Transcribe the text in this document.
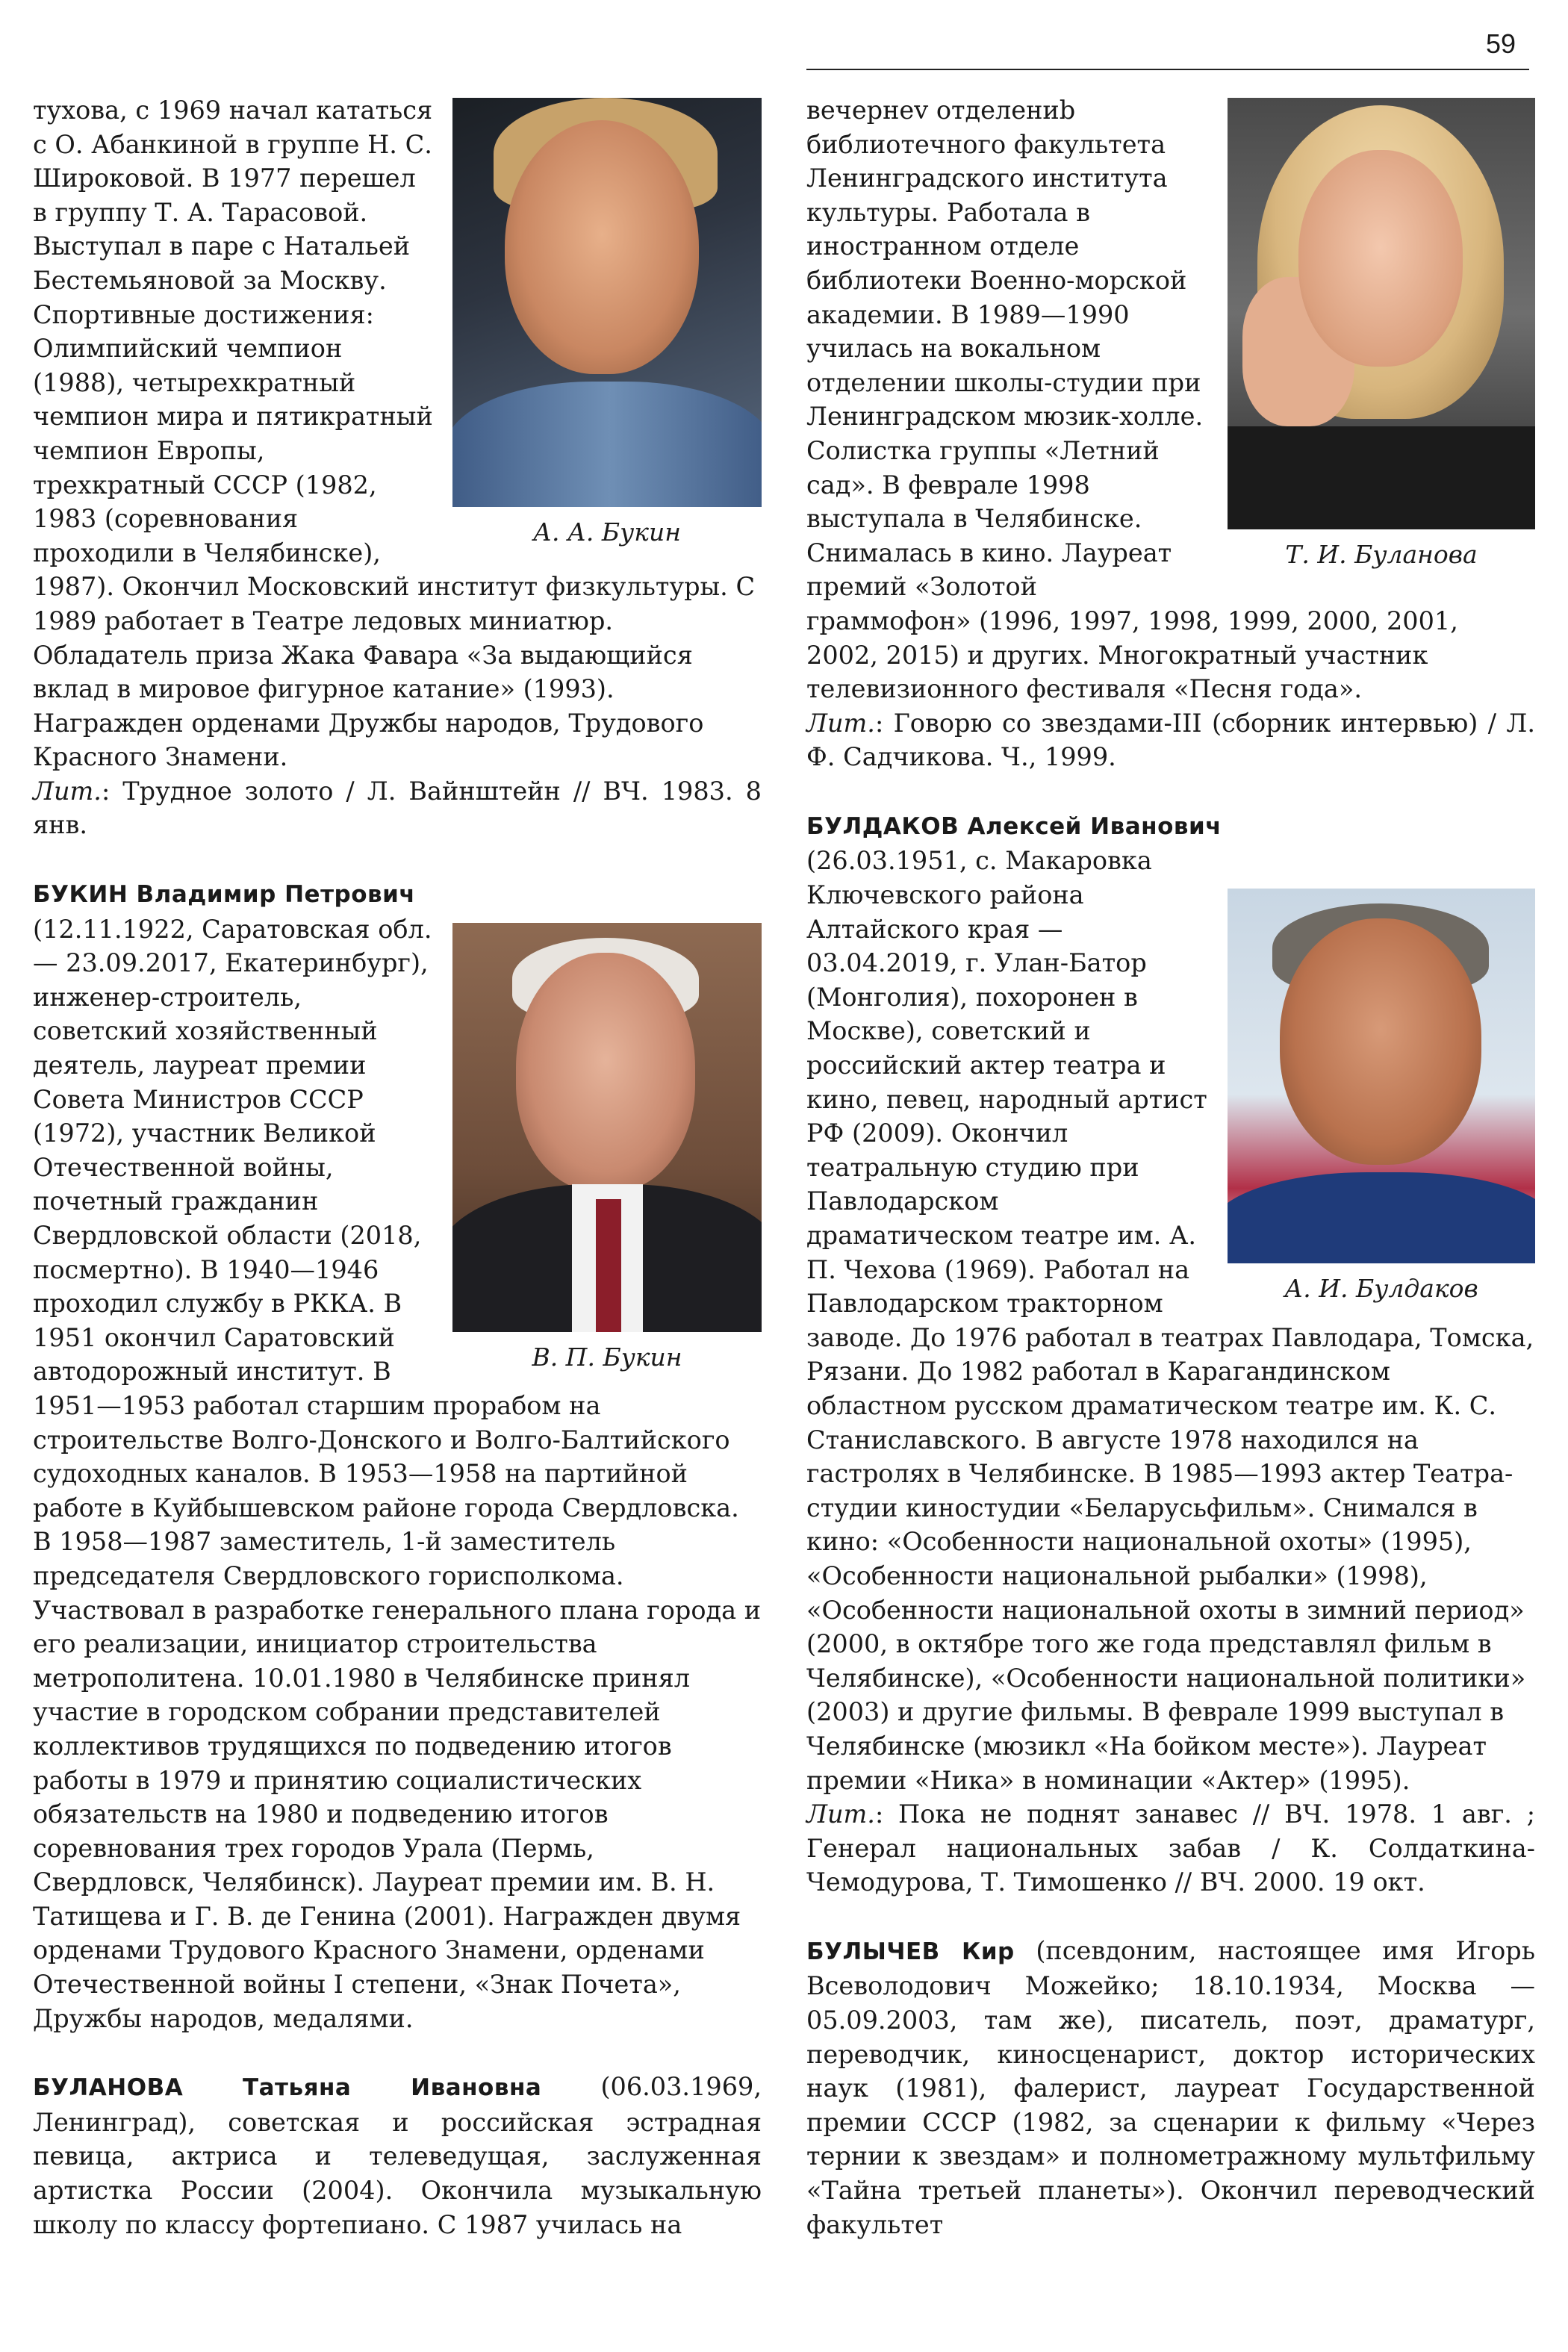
59

А. А. Букин
тухова, с 1969 начал кататься с О. Абанкиной в группе Н. С. Широковой. В 1977 перешел в группу Т. А. Тарасовой. Выступал в паре с Натальей Бестемьяновой за Москву. Спортивные достижения: Олимпийский чемпион (1988), четырехкратный чемпион мира и пятикратный чемпион Европы, трехкратный СССР (1982, 1983 (соревнования проходили в Челябинске), 1987). Окончил Московский институт физкультуры. С 1989 работает в Театре ледовых миниатюр. Обладатель приза Жака Фавара «За выдающийся вклад в мировое фигурное катание» (1993). Награжден орденами Дружбы народов, Трудового Красного Знамени.

Лит.: Трудное золото / Л. Вайнштейн // ВЧ. 1983. 8 янв.

БУКИН Владимир Петрович

В. П. Букин
(12.11.1922, Саратовская обл. — 23.09.2017, Екатеринбург), инженер-строитель, советский хозяйственный деятель, лауреат премии Совета Министров СССР (1972), участник Великой Отечественной войны, почетный гражданин Свердловской области (2018, посмертно). В 1940—1946 проходил службу в РККА. В 1951 окончил Саратовский автодорожный институт. В 1951—1953 работал старшим прорабом на строительстве Волго-Донского и Волго-Балтийского судоходных каналов. В 1953—1958 на партийной работе в Куйбышевском районе города Свердловска. В 1958—1987 заместитель, 1-й заместитель председателя Свердловского горисполкома. Участвовал в разработке генерального плана города и его реализации, инициатор строительства метрополитена. 10.01.1980 в Челябинске принял участие в городском собрании представителей коллективов трудящихся по подведению итогов работы в 1979 и принятию социалистических обязательств на 1980 и подведению итогов соревнования трех городов Урала (Пермь, Свердловск, Челябинск). Лауреат премии им. В. Н. Татищева и Г. В. де Генина (2001). Награжден двумя орденами Трудового Красного Знамени, орденами Отечественной войны I степени, «Знак Почета», Дружбы народов, медалями.

БУЛАНОВА Татьяна Ивановна (06.03.1969, Ленинград), советская и российская эстрадная певица, актриса и телеведущая, заслуженная артистка России (2004). Окончила музыкальную школу по классу фортепиано. С 1987 училась на

Т. И. Буланова
вечернеv отделениb библиотечного факультета Ленинградского института культуры. Работала в иностранном отделе библиотеки Военно-морской академии. В 1989—1990 училась на вокальном отделении школы-студии при Ленинградском мюзик-холле. Солистка группы «Летний сад». В феврале 1998 выступала в Челябинске. Снималась в кино. Лауреат премий «Золотой граммофон» (1996, 1997, 1998, 1999, 2000, 2001, 2002, 2015) и других. Многократный участник телевизионного фестиваля «Песня года».

Лит.: Говорю со звездами-III (сборник интервью) / Л. Ф. Садчикова. Ч., 1999.

БУЛДАКОВ Алексей Иванович

А. И. Булдаков
(26.03.1951, с. Макаровка Ключевского района Алтайского края — 03.04.2019, г. Улан-Батор (Монголия), похоронен в Москве), советский и российский актер театра и кино, певец, народный артист РФ (2009). Окончил театральную студию при Павлодарском драматическом театре им. А. П. Чехова (1969). Работал на Павлодарском тракторном заводе. До 1976 работал в театрах Павлодара, Томска, Рязани. До 1982 работал в Карагандинском областном русском драматическом театре им. К. С. Станиславского. В августе 1978 находился на гастролях в Челябинске. В 1985—1993 актер Театра-студии киностудии «Беларусьфильм». Снимался в кино: «Особенности национальной охоты» (1995), «Особенности национальной рыбалки» (1998), «Особенности национальной охоты в зимний период» (2000, в октябре того же года представлял фильм в Челябинске), «Особенности национальной политики» (2003) и другие фильмы. В феврале 1999 выступал в Челябинске (мюзикл «На бойком месте»). Лауреат премии «Ника» в номинации «Актер» (1995).

Лит.: Пока не поднят занавес // ВЧ. 1978. 1 авг. ; Генерал национальных забав / К. Солдаткина-Чемодурова, Т. Тимошенко // ВЧ. 2000. 19 окт.

БУЛЫЧЕВ Кир (псевдоним, настоящее имя Игорь Всеволодович Можейко; 18.10.1934, Москва — 05.09.2003, там же), писатель, поэт, драматург, переводчик, киносценарист, доктор исторических наук (1981), фалерист, лауреат Государственной премии СССР (1982, за сценарии к фильму «Через тернии к звездам» и полнометражному мультфильму «Тайна третьей планеты»). Окончил переводческий факультет
